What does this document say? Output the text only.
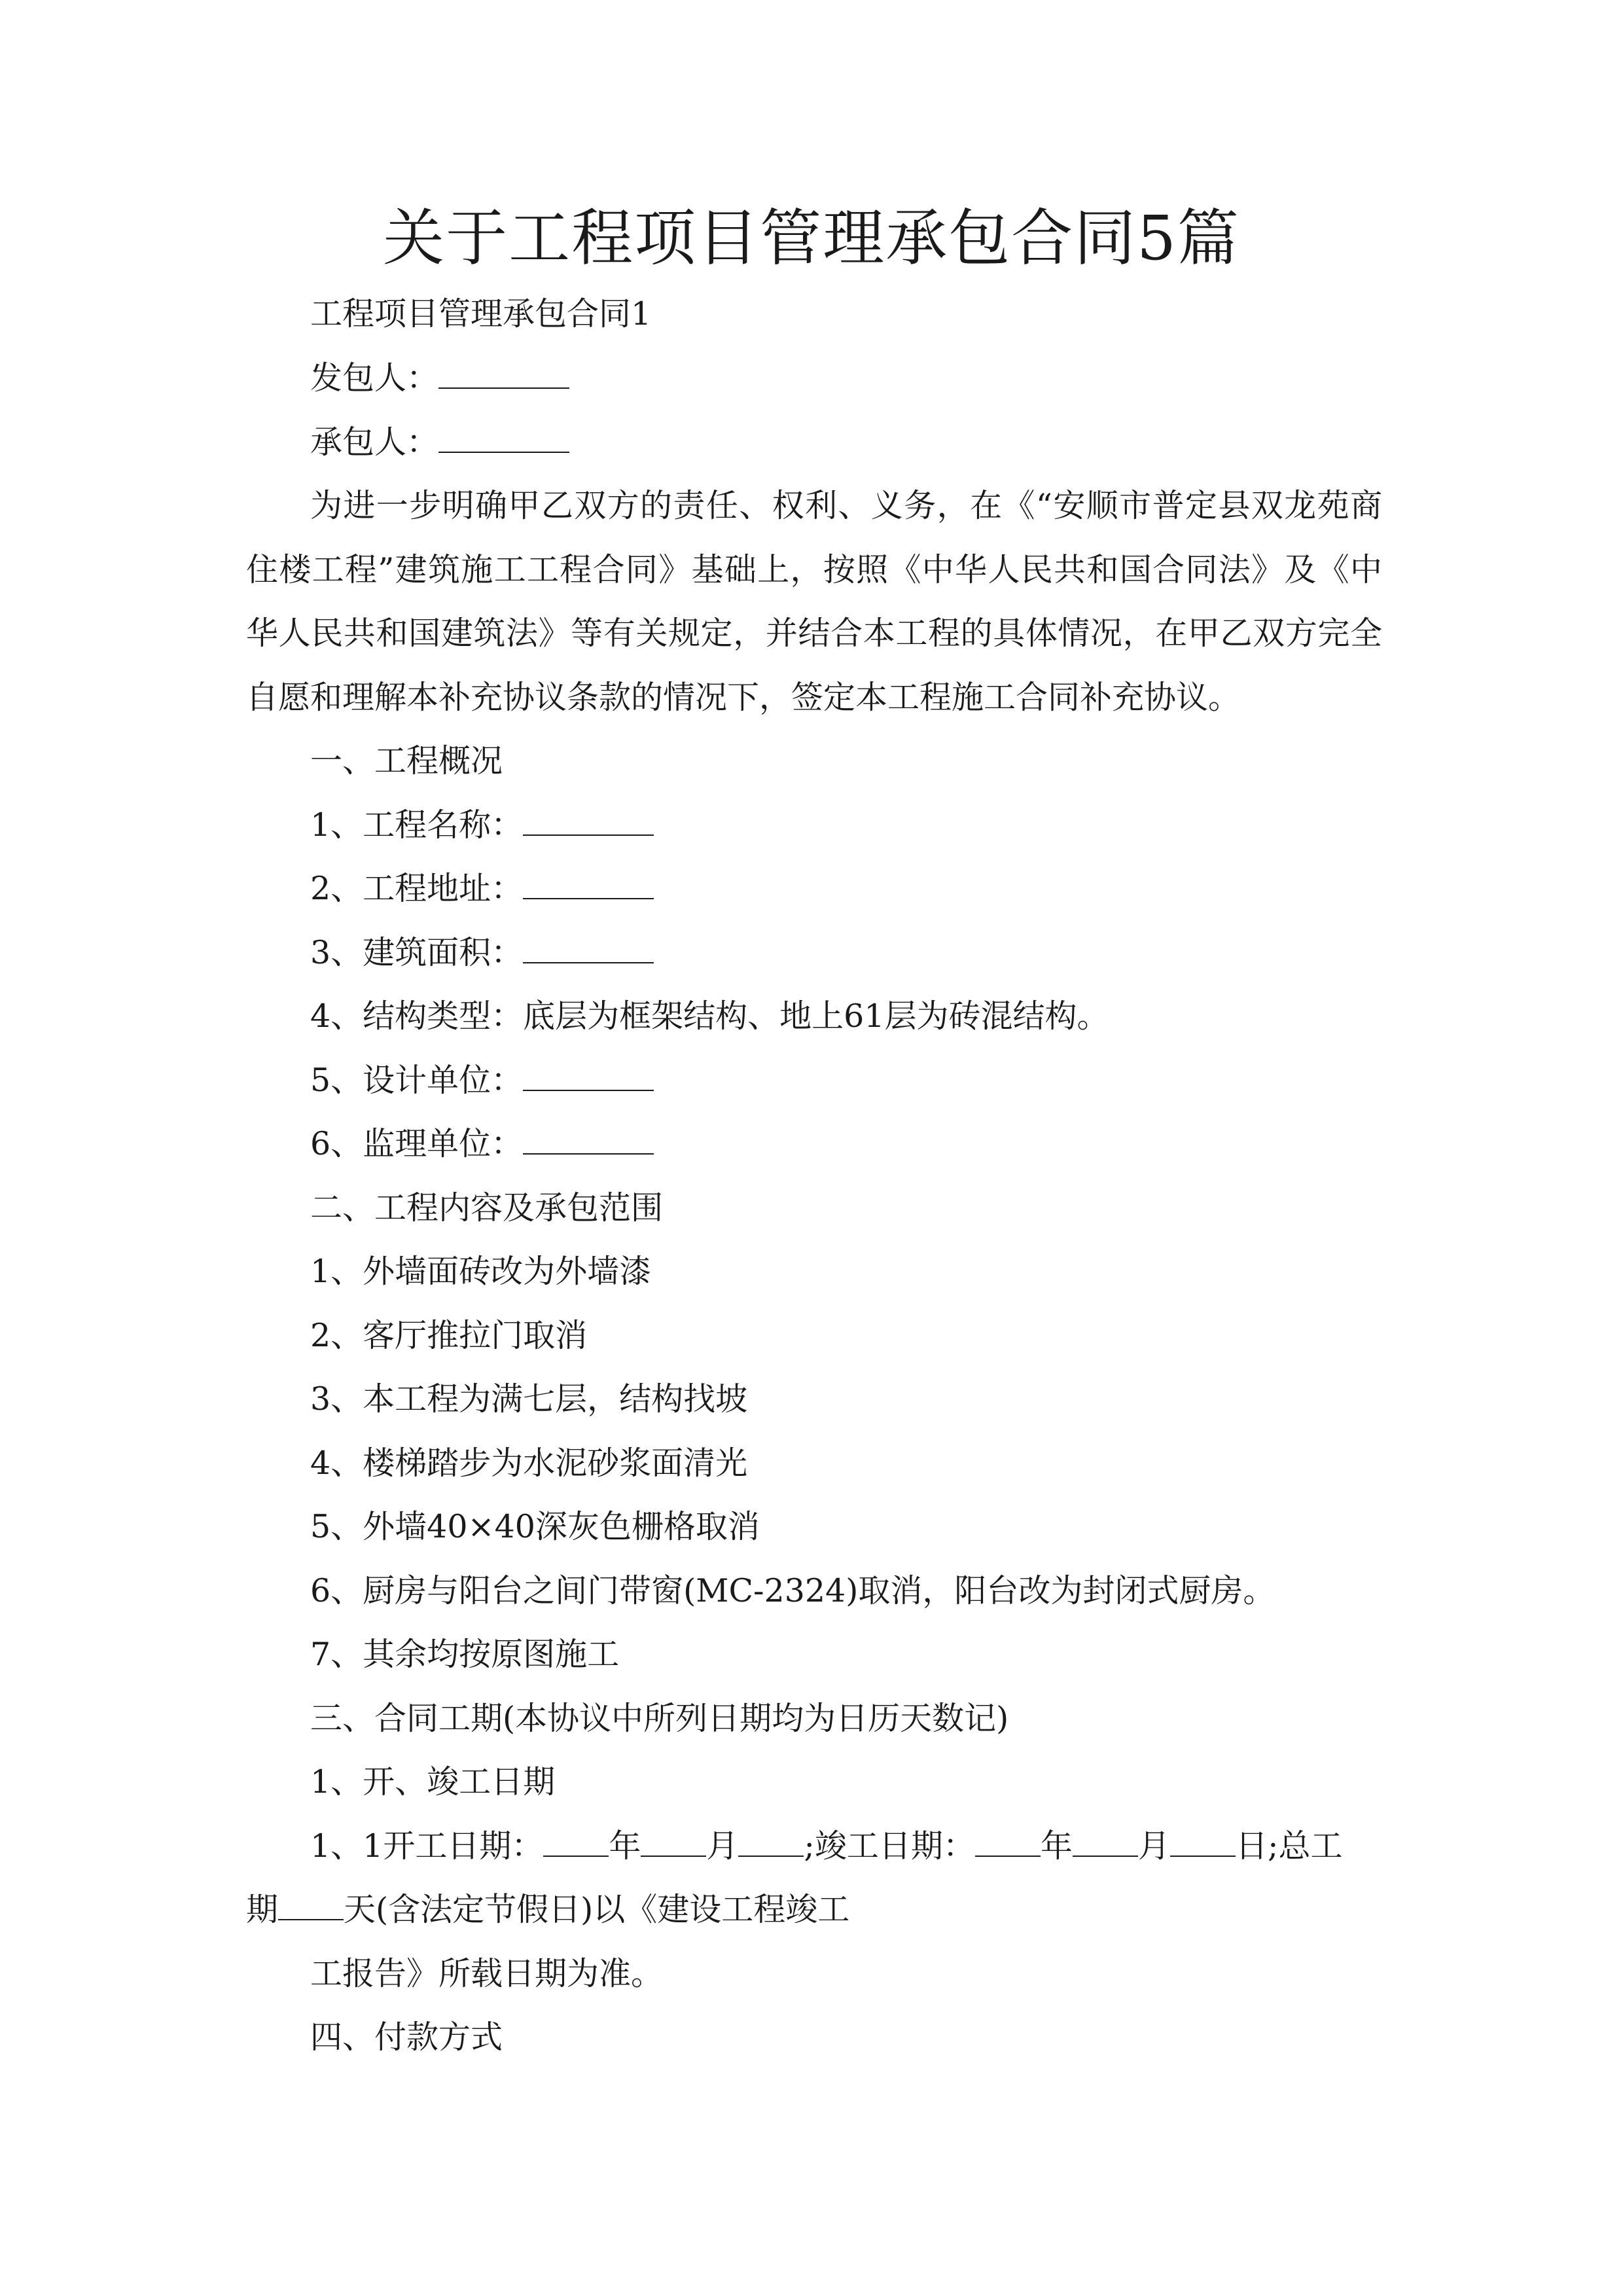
关于工程项目管理承包合同5篇

工程项目管理承包合同1

发包人：

承包人：

为进一步明确甲乙双方的责任、权利、义务，在《“安顺市普定县双龙苑商

住楼工程”建筑施工工程合同》基础上，按照《中华人民共和国合同法》及《中

华人民共和国建筑法》等有关规定，并结合本工程的具体情况，在甲乙双方完全

自愿和理解本补充协议条款的情况下，签定本工程施工合同补充协议。

一、工程概况

1、工程名称：

2、工程地址：

3、建筑面积：

4、结构类型：底层为框架结构、地上61层为砖混结构。

5、设计单位：

6、监理单位：

二、工程内容及承包范围

1、外墙面砖改为外墙漆

2、客厅推拉门取消

3、本工程为满七层，结构找坡

4、楼梯踏步为水泥砂浆面清光

5、外墙40×40深灰色栅格取消

6、厨房与阳台之间门带窗(MC-2324)取消，阳台改为封闭式厨房。

7、其余均按原图施工

三、合同工期(本协议中所列日期均为日历天数记)

1、开、竣工日期

1、1开工日期： 年 月 ;竣工日期： 年 月 日;总工

期 天(含法定节假日)以《建设工程竣工

工报告》所载日期为准。

四、付款方式
